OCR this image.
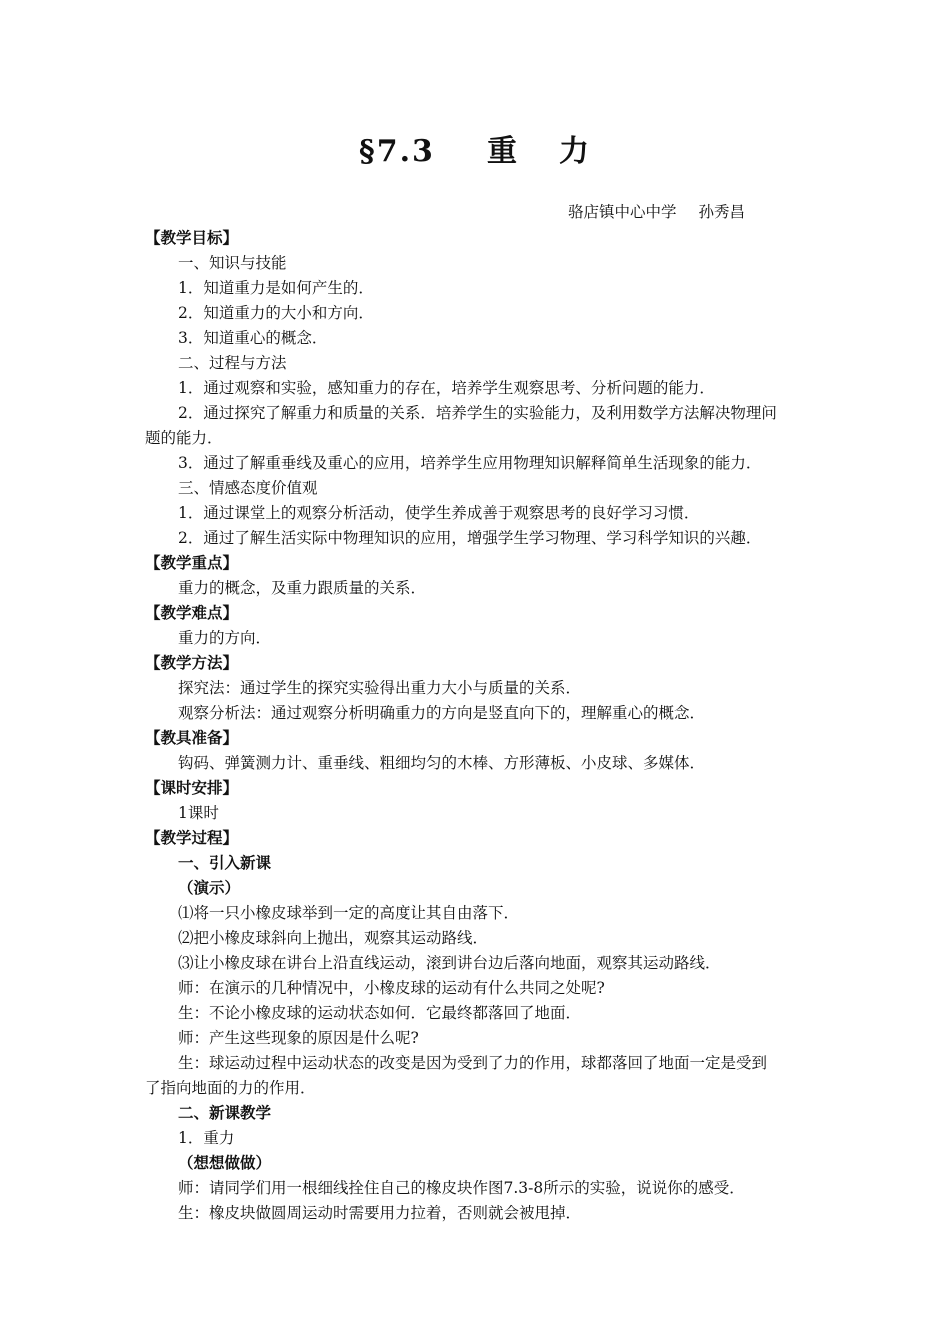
§7.3 重 力
骆店镇中心中学 孙秀昌
【教学目标】
一、知识与技能
1．知道重力是如何产生的．
2．知道重力的大小和方向．
3．知道重心的概念．
二、过程与方法
1．通过观察和实验，感知重力的存在，培养学生观察思考、分析问题的能力．
2．通过探究了解重力和质量的关系．培养学生的实验能力，及利用数学方法解决物理问
题的能力．
3．通过了解重垂线及重心的应用，培养学生应用物理知识解释简单生活现象的能力．
三、情感态度价值观
1．通过课堂上的观察分析活动，使学生养成善于观察思考的良好学习习惯．
2．通过了解生活实际中物理知识的应用，增强学生学习物理、学习科学知识的兴趣．
【教学重点】
重力的概念，及重力跟质量的关系．
【教学难点】
重力的方向．
【教学方法】
探究法：通过学生的探究实验得出重力大小与质量的关系．
观察分析法：通过观察分析明确重力的方向是竖直向下的，理解重心的概念．
【教具准备】
钩码、弹簧测力计、重垂线、粗细均匀的木棒、方形薄板、小皮球、多媒体．
【课时安排】
1课时
【教学过程】
一、引入新课
（演示）
⑴将一只小橡皮球举到一定的高度让其自由落下．
⑵把小橡皮球斜向上抛出，观察其运动路线．
⑶让小橡皮球在讲台上沿直线运动，滚到讲台边后落向地面，观察其运动路线．
师：在演示的几种情况中，小橡皮球的运动有什么共同之处呢?
生：不论小橡皮球的运动状态如何．它最终都落回了地面．
师：产生这些现象的原因是什么呢?
生：球运动过程中运动状态的改变是因为受到了力的作用，球都落回了地面一定是受到
了指向地面的力的作用．
二、新课教学
1．重力
（想想做做）
师：请同学们用一根细线拴住自己的橡皮块作图7.3-8所示的实验，说说你的感受．
生：橡皮块做圆周运动时需要用力拉着，否则就会被甩掉．
